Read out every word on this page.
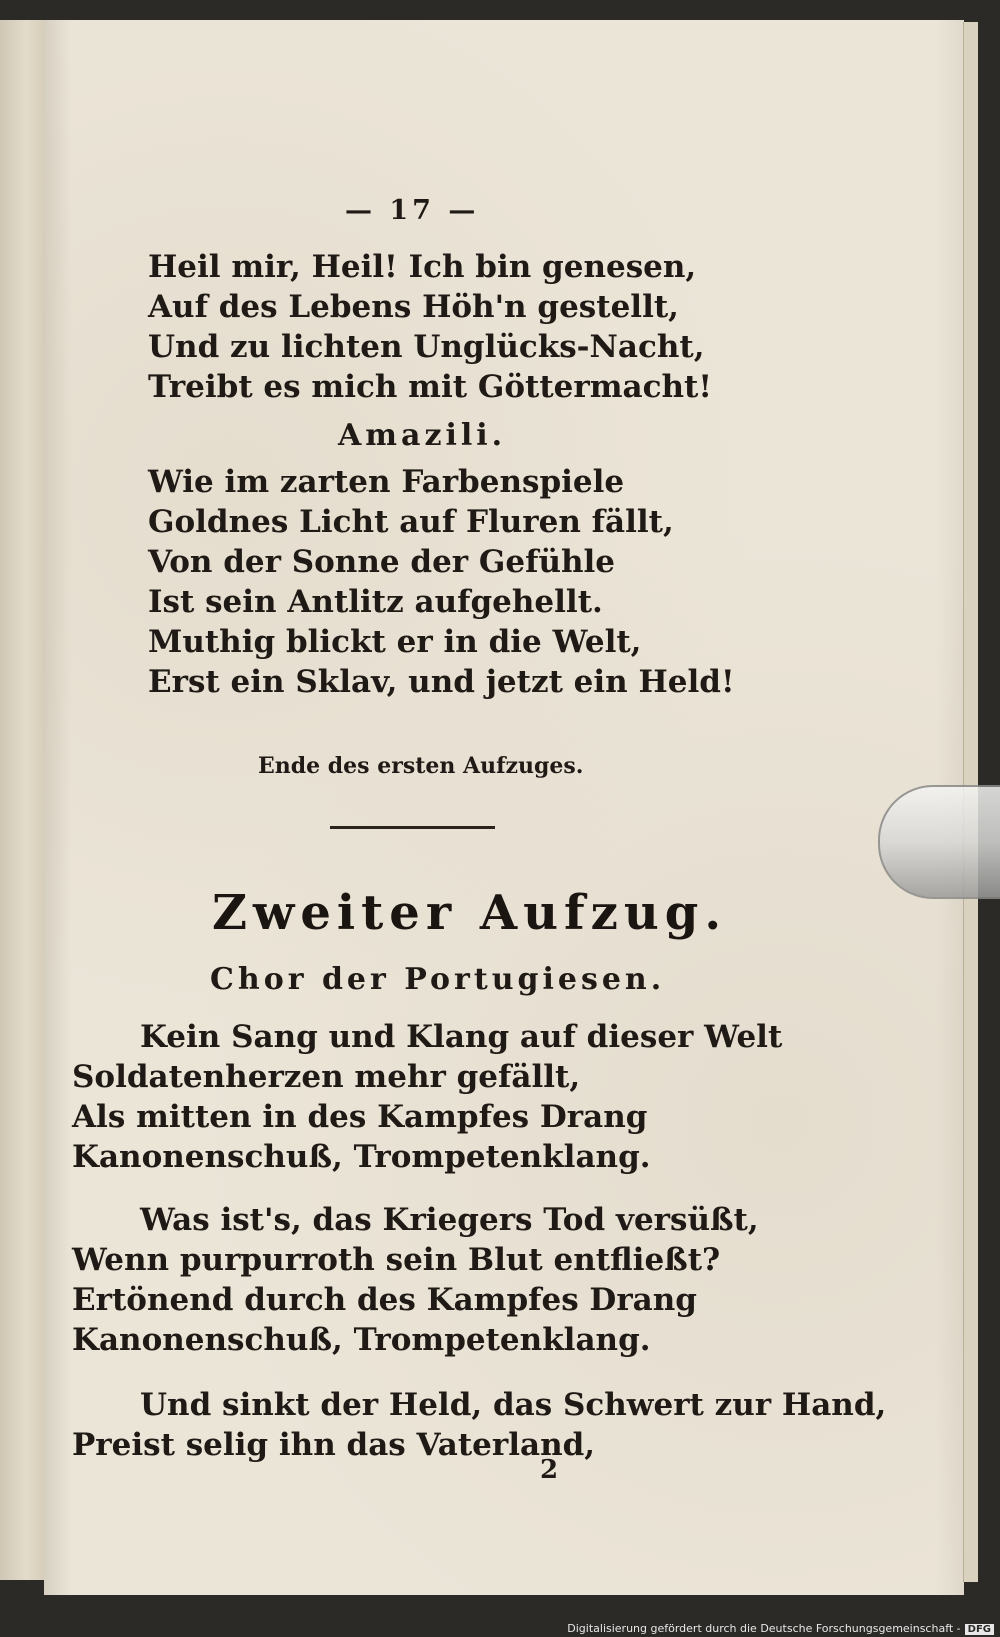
— 17 —

Heil mir, Heil! Ich bin genesen,

Auf des Lebens Höh'n gestellt,

Und zu lichten Unglücks-Nacht,

Treibt es mich mit Göttermacht!

Amazili.

Wie im zarten Farbenspiele

Goldnes Licht auf Fluren fällt,

Von der Sonne der Gefühle

Ist sein Antlitz aufgehellt.

Muthig blickt er in die Welt,

Erst ein Sklav, und jetzt ein Held!

Ende des ersten Aufzuges.

Zweiter Aufzug.

Chor der Portugiesen.

Kein Sang und Klang auf dieser Welt

Soldatenherzen mehr gefällt,

Als mitten in des Kampfes Drang

Kanonenschuß, Trompetenklang.

Was ist's, das Kriegers Tod versüßt,

Wenn purpurroth sein Blut entfließt?

Ertönend durch des Kampfes Drang

Kanonenschuß, Trompetenklang.

Und sinkt der Held, das Schwert zur Hand,

Preist selig ihn das Vaterland,

2

Digitalisierung gefördert durch die Deutsche Forschungsgemeinschaft - DFG
